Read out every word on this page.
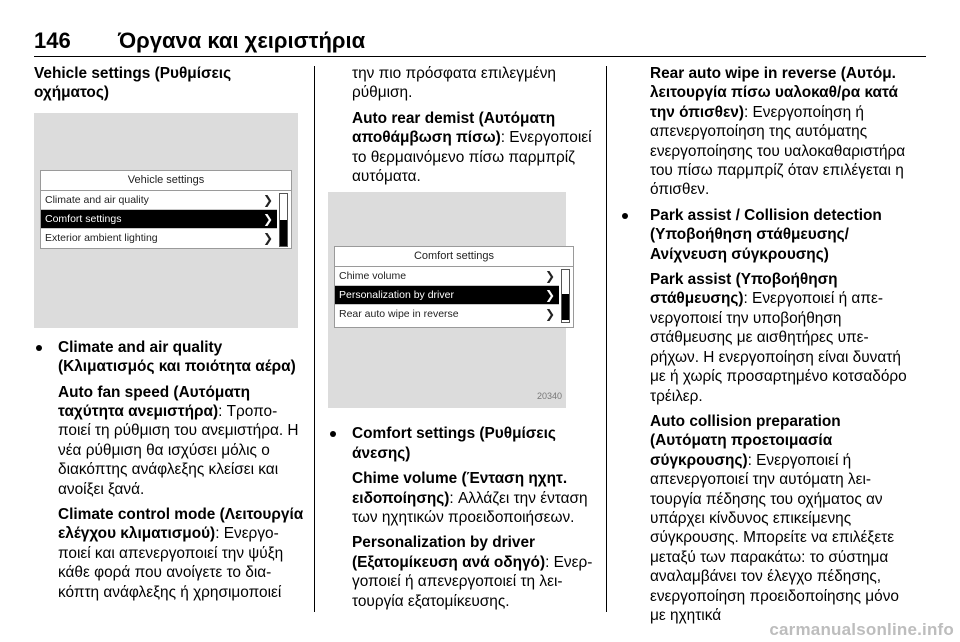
146 Όργανα και χειριστήρια

Vehicle settings (Ρυθμίσεις οχήματος)

Vehicle settings
Climate and air quality	❯
Comfort settings	❯
Exterior ambient lighting	❯
Climate and air quality (Κλιματισμός και ποιότητα αέρα)

Auto fan speed (Αυτόματη ταχύτητα ανεμιστήρα): Τροποποιεί τη ρύθμιση του ανεμιστήρα. Η νέα ρύθμιση θα ισχύσει μόλις ο διακόπτης ανάφλεξης κλείσει και ανοίξει ξανά.

Climate control mode (Λειτουργία ελέγχου κλιματισμού): Ενεργοποιεί και απενεργοποιεί την ψύξη κάθε φορά που ανοίγετε το διακόπτη ανάφλεξης ή χρησιμοποιεί

την πιο πρόσφατα επιλεγμένη ρύθμιση.

Auto rear demist (Αυτόματη αποθάμβωση πίσω): Ενεργοποιεί το θερμαινόμενο πίσω παρμπρίζ αυτόματα.

Comfort settings
Chime volume	❯
Personalization by driver	❯
Rear auto wipe in reverse	❯
20340
Comfort settings (Ρυθμίσεις άνεσης)

Chime volume (Ένταση ηχητ. ειδοποίησης): Αλλάζει την ένταση των ηχητικών προειδοποιήσεων.

Personalization by driver (Εξατομίκευση ανά οδηγό): Ενεργοποιεί ή απενεργοποιεί τη λειτουργία εξατομίκευσης.

Rear auto wipe in reverse (Αυτόμ. λειτουργία πίσω υαλοκαθ/ρα κατά την όπισθεν): Ενεργοποίηση ή απενεργοποίηση της αυτόματης ενεργοποίησης του υαλοκαθαριστήρα του πίσω παρμπρίζ όταν επιλέγεται η όπισθεν.

Park assist / Collision detection (Υποβοήθηση στάθμευσης/ Ανίχνευση σύγκρουσης)

Park assist (Υποβοήθηση στάθμευσης): Ενεργοποιεί ή απενεργοποιεί την υποβοήθηση στάθμευσης με αισθητήρες υπερήχων. Η ενεργοποίηση είναι δυνατή με ή χωρίς προσαρτημένο κοτσαδόρο τρέιλερ.

Auto collision preparation (Αυτόματη προετοιμασία σύγκρουσης): Ενεργοποιεί ή απενεργοποιεί την αυτόματη λειτουργία πέδησης του οχήματος αν υπάρχει κίνδυνος επικείμενης σύγκρουσης. Μπορείτε να επιλέξετε μεταξύ των παρακάτω: το σύστημα αναλαμβάνει τον έλεγχο πέδησης, ενεργοποίηση προειδοποίησης μόνο με ηχητικά

carmanualsonline.info
